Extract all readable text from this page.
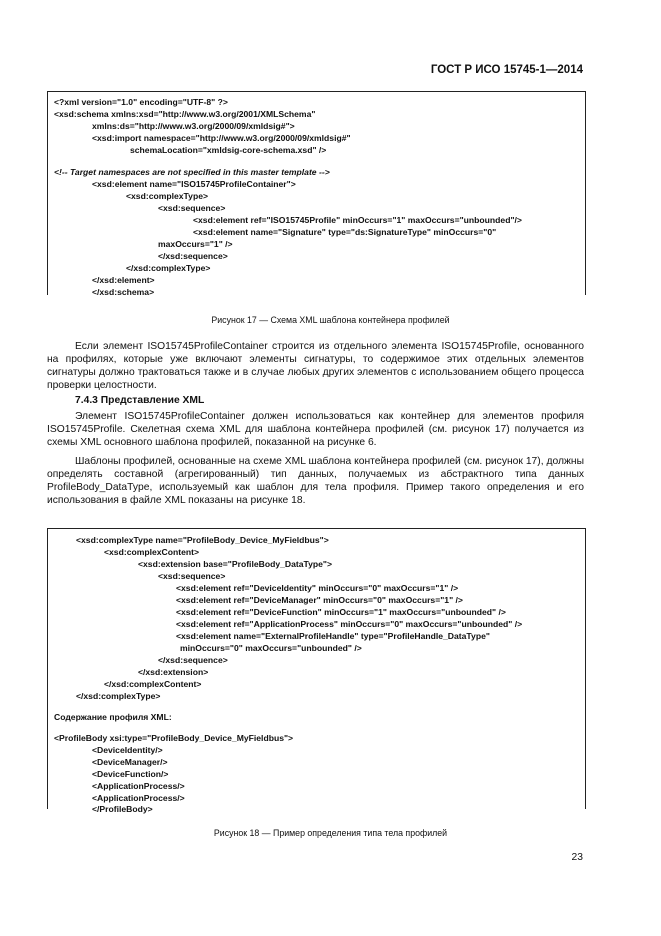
ГОСТ Р ИСО 15745-1—2014
<?xml version="1.0" encoding="UTF-8" ?>
<xsd:schema xmlns:xsd="http://www.w3.org/2001/XMLSchema"
xmlns:ds="http://www.w3.org/2000/09/xmldsig#">
<xsd:import namespace="http://www.w3.org/2000/09/xmldsig#"
schemaLocation="xmldsig-core-schema.xsd" />
<!-- Target namespaces are not specified in this master template -->
<xsd:element name="ISO15745ProfileContainer">
<xsd:complexType>
<xsd:sequence>
<xsd:element ref="ISO15745Profile" minOccurs="1" maxOccurs="unbounded"/>
<xsd:element name="Signature" type="ds:SignatureType" minOccurs="0"
maxOccurs="1" />
</xsd:sequence>
</xsd:complexType>
</xsd:element>
</xsd:schema>
Рисунок 17 — Схема XML шаблона контейнера профилей
Если элемент ISO15745ProfileContainer строится из отдельного элемента ISO15745Profile, основанного на профилях, которые уже включают элементы сигнатуры, то содержимое этих отдельных элементов сигнатуры должно трактоваться также и в случае любых других элементов с использованием общего процесса проверки целостности.
7.4.3 Представление XML
Элемент ISO15745ProfileContainer должен использоваться как контейнер для элементов профиля ISO15745Profile. Скелетная схема XML для шаблона контейнера профилей (см. рисунок 17) получается из схемы XML основного шаблона профилей, показанной на рисунке 6.
Шаблоны профилей, основанные на схеме XML шаблона контейнера профилей (см. рисунок 17), должны определять составной (агрегированный) тип данных, получаемых из абстрактного типа данных ProfileBody_DataType, используемый как шаблон для тела профиля. Пример такого определения и его использования в файле XML показаны на рисунке 18.
<xsd:complexType name="ProfileBody_Device_MyFieldbus">
<xsd:complexContent>
<xsd:extension base="ProfileBody_DataType">
<xsd:sequence>
<xsd:element ref="DeviceIdentity" minOccurs="0" maxOccurs="1" />
<xsd:element ref="DeviceManager" minOccurs="0" maxOccurs="1" />
<xsd:element ref="DeviceFunction" minOccurs="1" maxOccurs="unbounded" />
<xsd:element ref="ApplicationProcess" minOccurs="0" maxOccurs="unbounded" />
<xsd:element name="ExternalProfileHandle" type="ProfileHandle_DataType"
minOccurs="0" maxOccurs="unbounded" />
</xsd:sequence>
</xsd:extension>
</xsd:complexContent>
</xsd:complexType>
Содержание профиля XML:
<ProfileBody xsi:type="ProfileBody_Device_MyFieldbus">
<DeviceIdentity/>
<DeviceManager/>
<DeviceFunction/>
<ApplicationProcess/>
<ApplicationProcess/>
</ProfileBody>
Рисунок 18 — Пример определения типа тела профилей
23
